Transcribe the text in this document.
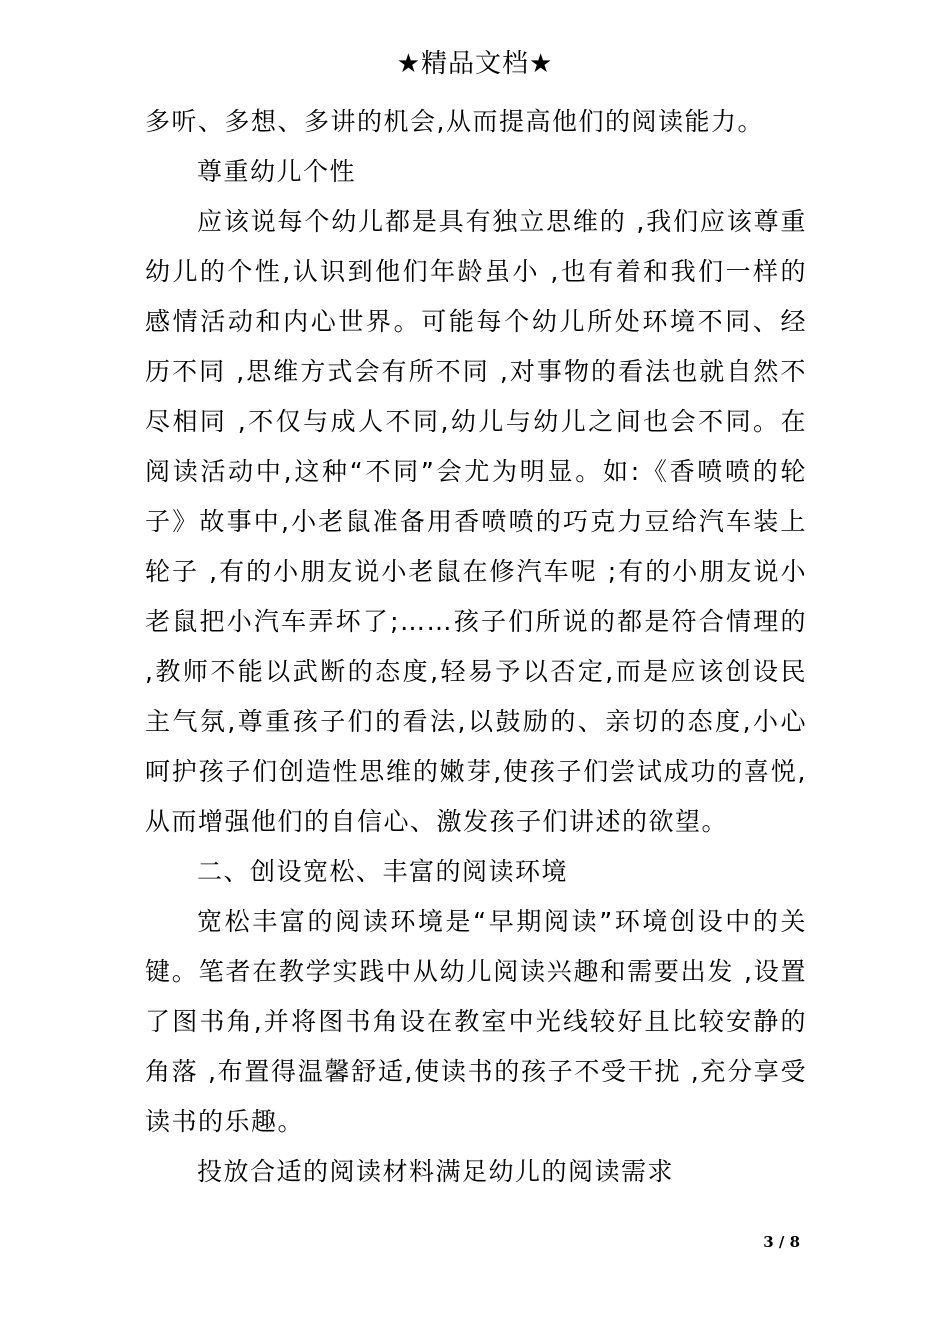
★精品文档★

多听、多想、多讲的机会,从而提高他们的阅读能力。

尊重幼儿个性

应该说每个幼儿都是具有独立思维的 ,我们应该尊重幼儿的个性,认识到他们年龄虽小 ,也有着和我们一样的感情活动和内心世界。可能每个幼儿所处环境不同、经历不同 ,思维方式会有所不同 ,对事物的看法也就自然不尽相同 ,不仅与成人不同,幼儿与幼儿之间也会不同。在阅读活动中,这种“不同”会尤为明显。如:《香喷喷的轮子》故事中,小老鼠准备用香喷喷的巧克力豆给汽车装上轮子 ,有的小朋友说小老鼠在修汽车呢 ;有的小朋友说小老鼠把小汽车弄坏了;……孩子们所说的都是符合情理的 ,教师不能以武断的态度,轻易予以否定,而是应该创设民主气氛,尊重孩子们的看法,以鼓励的、亲切的态度,小心呵护孩子们创造性思维的嫩芽,使孩子们尝试成功的喜悦,从而增强他们的自信心、激发孩子们讲述的欲望。

二、创设宽松、丰富的阅读环境

宽松丰富的阅读环境是“早期阅读”环境创设中的关键。笔者在教学实践中从幼儿阅读兴趣和需要出发 ,设置了图书角,并将图书角设在教室中光线较好且比较安静的角落 ,布置得温馨舒适,使读书的孩子不受干扰 ,充分享受读书的乐趣。

投放合适的阅读材料满足幼儿的阅读需求

3 / 8
